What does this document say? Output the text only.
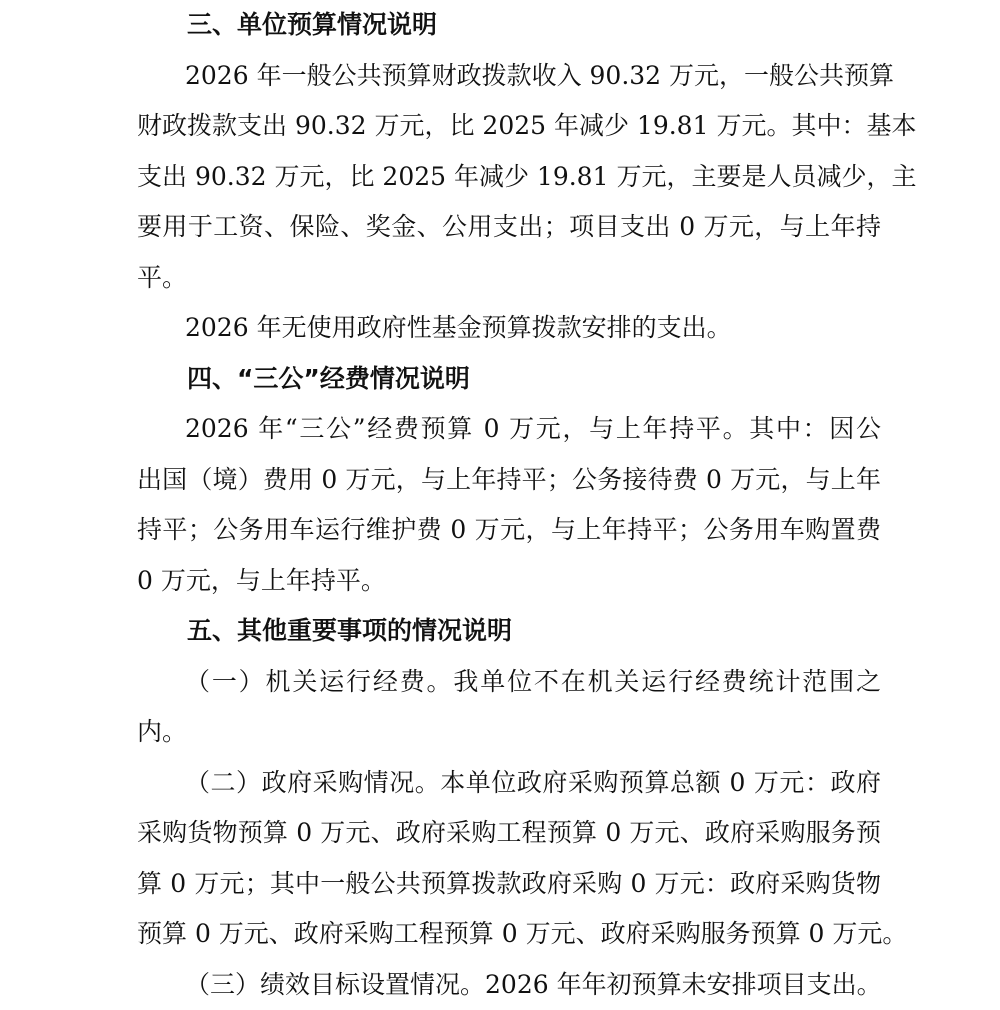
三、单位预算情况说明
2026 年一般公共预算财政拨款收入 90.32 万元，一般公共预算
财政拨款支出 90.32 万元，比 2025 年减少 19.81 万元。其中：基本
支出 90.32 万元，比 2025 年减少 19.81 万元，主要是人员减少，主
要用于工资、保险、奖金、公用支出；项目支出 0 万元，与上年持
平。
2026 年无使用政府性基金预算拨款安排的支出。
四、“三公”经费情况说明
2026 年“三公”经费预算 0 万元，与上年持平。其中：因公
出国（境）费用 0 万元，与上年持平；公务接待费 0 万元，与上年
持平；公务用车运行维护费 0 万元，与上年持平；公务用车购置费
0 万元，与上年持平。
五、其他重要事项的情况说明
（一）机关运行经费。我单位不在机关运行经费统计范围之
内。
（二）政府采购情况。本单位政府采购预算总额 0 万元：政府
采购货物预算 0 万元、政府采购工程预算 0 万元、政府采购服务预
算 0 万元；其中一般公共预算拨款政府采购 0 万元：政府采购货物
预算 0 万元、政府采购工程预算 0 万元、政府采购服务预算 0 万元。
（三）绩效目标设置情况。2026 年年初预算未安排项目支出。
